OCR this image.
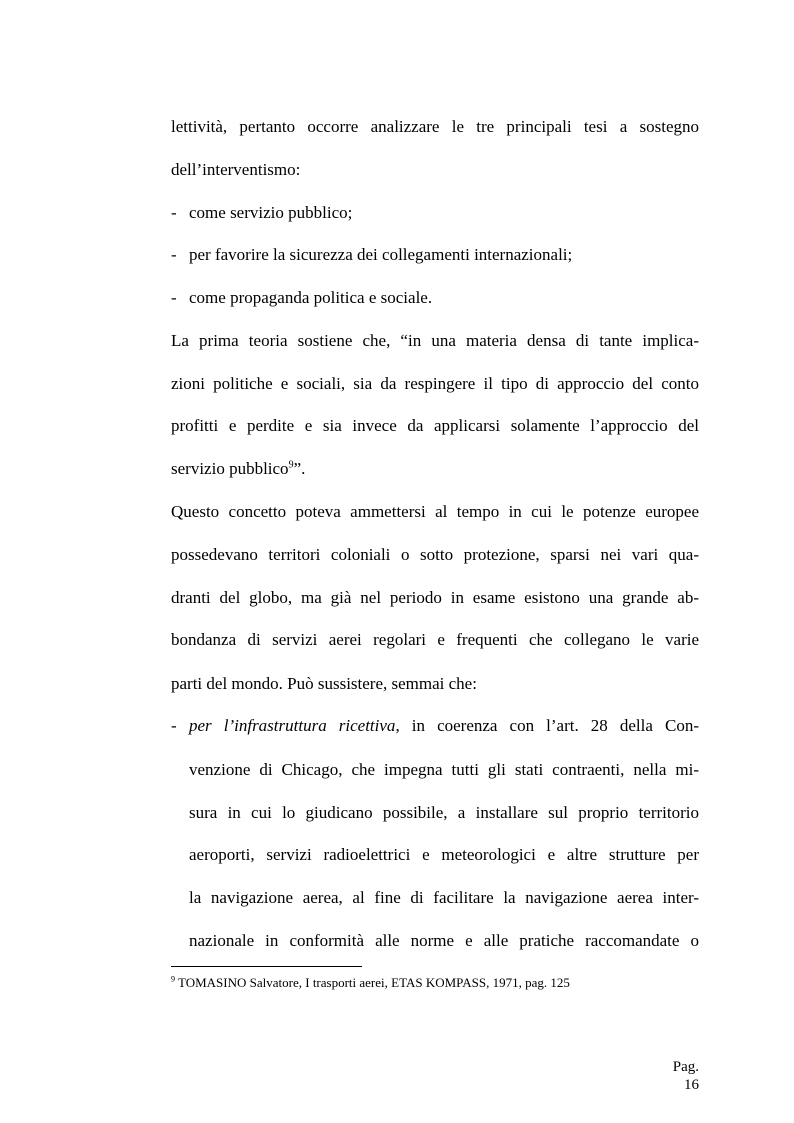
lettività, pertanto occorre analizzare le tre principali tesi a sostegno
dell’interventismo:
- come servizio pubblico;
- per favorire la sicurezza dei collegamenti internazionali;
- come propaganda politica e sociale.
La prima teoria sostiene che, “in una materia densa di tante implica-
zioni politiche e sociali, sia da respingere il tipo di approccio del conto
profitti e perdite e sia invece da applicarsi solamente l’approccio del
servizio pubblico$^9$”.
Questo concetto poteva ammettersi al tempo in cui le potenze europee
possedevano territori coloniali o sotto protezione, sparsi nei vari qua-
dranti del globo, ma già nel periodo in esame esistono una grande ab-
bondanza di servizi aerei regolari e frequenti che collegano le varie
parti del mondo. Può sussistere, semmai che:
- per l’infrastruttura ricettiva, in coerenza con l’art. 28 della Con-
venzione di Chicago, che impegna tutti gli stati contraenti, nella mi-
sura in cui lo giudicano possibile, a installare sul proprio territorio
aeroporti, servizi radioelettrici e meteorologici e altre strutture per
la navigazione aerea, al fine di facilitare la navigazione aerea inter-
nazionale in conformità alle norme e alle pratiche raccomandate o
$^9$ TOMASINO Salvatore, I trasporti aerei, ETAS KOMPASS, 1971, pag. 125
Pag. 16
